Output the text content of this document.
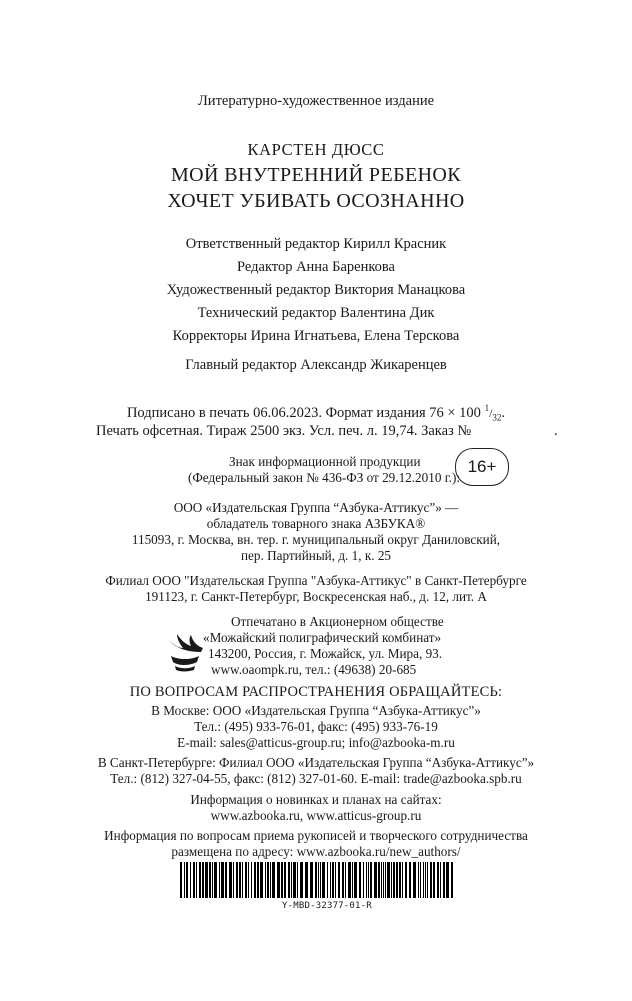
Литературно-художественное издание
КАРСТЕН ДЮСС
МОЙ ВНУТРЕННИЙ РЕБЕНОК
ХОЧЕТ УБИВАТЬ ОСОЗНАННО
Ответственный редактор Кирилл Красник
Редактор Анна Баренкова
Художественный редактор Виктория Манацкова
Технический редактор Валентина Дик
Корректоры Ирина Игнатьева, Елена Терскова
Главный редактор Александр Жикаренцев
Подписано в печать 06.06.2023. Формат издания 76 × 100 $^1/_{32}$.
Печать офсетная. Тираж 2500 экз. Усл. печ. л. 19,74. Заказ №	.
Знак информационной продукции
(Федеральный закон № 436-ФЗ от 29.12.2010 г.):
16+
ООО «Издательская Группа “Азбука-Аттикус”» —
обладатель товарного знака АЗБУКА®
115093, г. Москва, вн. тер. г. муниципальный округ Даниловский,
пер. Партийный, д. 1, к. 25
Филиал ООО "Издательская Группа "Азбука-Аттикус" в Санкт-Петербурге
191123, г. Санкт-Петербург, Воскресенская наб., д. 12, лит. А
Отпечатано в Акционерном обществе
«Можайский полиграфический комбинат»
143200, Россия, г. Можайск, ул. Мира, 93.
www.oaompk.ru, тел.: (49638) 20-685
ПО ВОПРОСАМ РАСПРОСТРАНЕНИЯ ОБРАЩАЙТЕСЬ:
В Москве: ООО «Издательская Группа “Азбука-Аттикус”»
Тел.: (495) 933-76-01, факс: (495) 933-76-19
E-mail: sales@atticus-group.ru; info@azbooka-m.ru
В Санкт-Петербурге: Филиал ООО «Издательская Группа “Азбука-Аттикус”»
Тел.: (812) 327-04-55, факс: (812) 327-01-60. E-mail: trade@azbooka.spb.ru
Информация о новинках и планах на сайтах:
www.azbooka.ru, www.atticus-group.ru
Информация по вопросам приема рукописей и творческого сотрудничества
размещена по адресу: www.azbooka.ru/new_authors/
Y-MBD-32377-01-R
